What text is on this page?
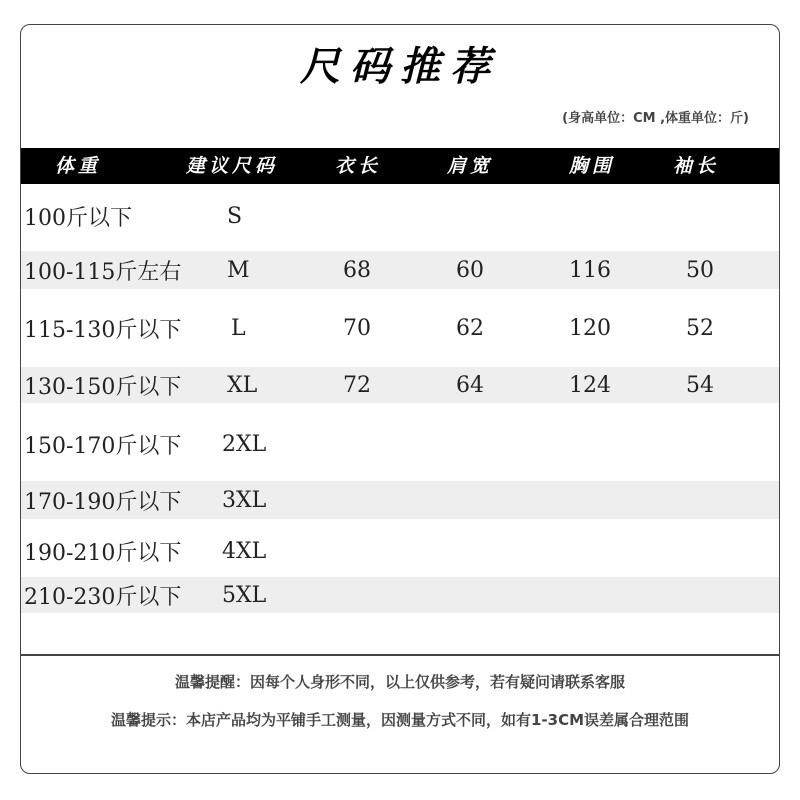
尺码推荐
(身高单位：CM ,体重单位：斤)
体重	建议尺码	衣长	肩宽	胸围	袖长
100斤以下	S
100-115斤左右 M	68	60	116	50
115-130斤以下 L	70	62	120	52
130-150斤以下 XL	72	64	124	54
150-170斤以下 2XL
170-190斤以下 3XL
190-210斤以下 4XL
210-230斤以下 5XL
温馨提醒：因每个人身形不同，以上仅供参考，若有疑问请联系客服
温馨提示：本店产品均为平铺手工测量，因测量方式不同，如有1-3CM误差属合理范围
